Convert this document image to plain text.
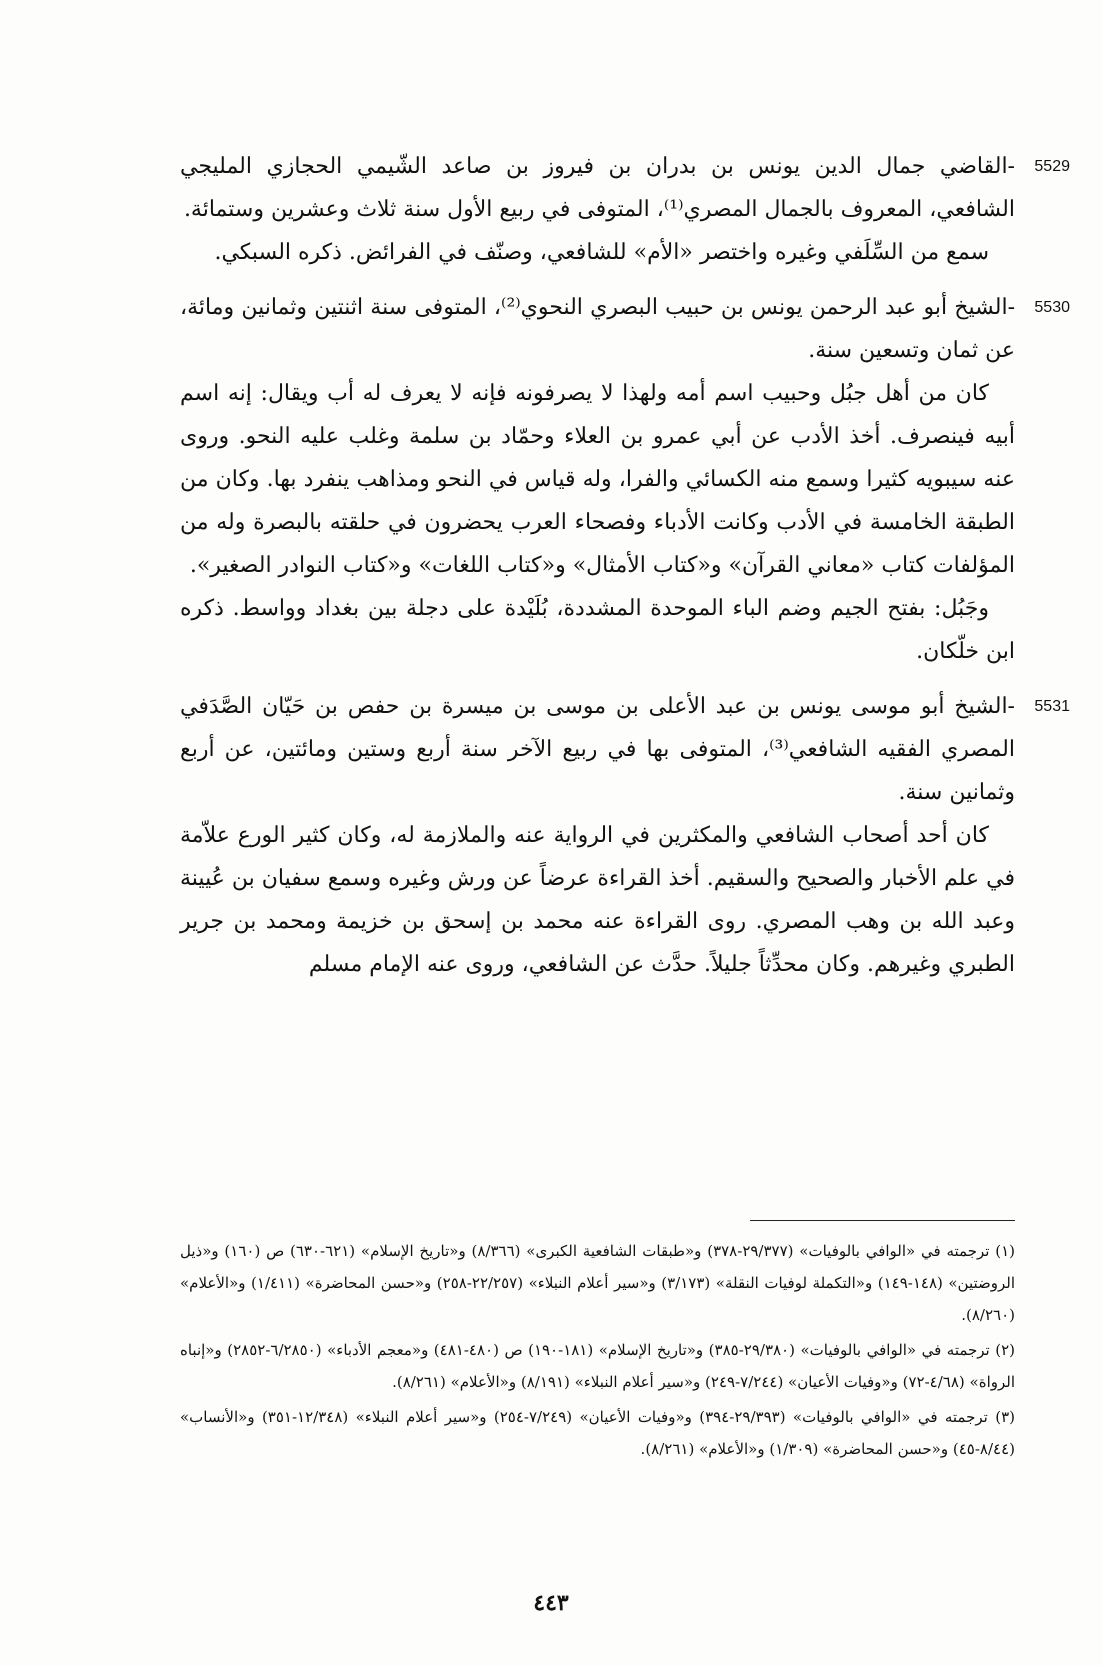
5529
-القاضي جمال الدين يونس بن بدران بن فيروز بن صاعد الشّيمي الحجازي المليجي الشافعي، المعروف بالجمال المصري⁽¹⁾، المتوفى في ربيع الأول سنة ثلاث وعشرين وستمائة.

سمع من السِّلَفي وغيره واختصر «الأم» للشافعي، وصنّف في الفرائض. ذكره السبكي.

5530
-الشيخ أبو عبد الرحمن يونس بن حبيب البصري النحوي⁽²⁾، المتوفى سنة اثنتين وثمانين ومائة، عن ثمان وتسعين سنة.

كان من أهل جبُل وحبيب اسم أمه ولهذا لا يصرفونه فإنه لا يعرف له أب ويقال: إنه اسم أبيه فينصرف. أخذ الأدب عن أبي عمرو بن العلاء وحمّاد بن سلمة وغلب عليه النحو. وروى عنه سيبويه كثيرا وسمع منه الكسائي والفرا، وله قياس في النحو ومذاهب ينفرد بها. وكان من الطبقة الخامسة في الأدب وكانت الأدباء وفصحاء العرب يحضرون في حلقته بالبصرة وله من المؤلفات كتاب «معاني القرآن» و«كتاب الأمثال» و«كتاب اللغات» و«كتاب النوادر الصغير».

وجَبُل: بفتح الجيم وضم الباء الموحدة المشددة، بُلَيْدة على دجلة بين بغداد وواسط. ذكره ابن خلّكان.

5531
-الشيخ أبو موسى يونس بن عبد الأعلى بن موسى بن ميسرة بن حفص بن حَيّان الصَّدَفي المصري الفقيه الشافعي⁽³⁾، المتوفى بها في ربيع الآخر سنة أربع وستين ومائتين، عن أربع وثمانين سنة.

كان أحد أصحاب الشافعي والمكثرين في الرواية عنه والملازمة له، وكان كثير الورع علاّمة في علم الأخبار والصحيح والسقيم. أخذ القراءة عرضاً عن ورش وغيره وسمع سفيان بن عُيينة وعبد الله بن وهب المصري. روى القراءة عنه محمد بن إسحق بن خزيمة ومحمد بن جرير الطبري وغيرهم. وكان محدِّثاً جليلاً. حدَّث عن الشافعي، وروى عنه الإمام مسلم

(١) ترجمته في «الوافي بالوفيات» (٢٩/٣٧٧-٣٧٨) و«طبقات الشافعية الكبرى» (٨/٣٦٦) و«تاريخ الإسلام» (٦٢١-٦٣٠) ص (١٦٠) و«ذيل الروضتين» (١٤٨-١٤٩) و«التكملة لوفيات النقلة» (٣/١٧٣) و«سير أعلام النبلاء» (٢٢/٢٥٧-٢٥٨) و«حسن المحاضرة» (١/٤١١) و«الأعلام» (٨/٢٦٠).

(٢) ترجمته في «الوافي بالوفيات» (٢٩/٣٨٠-٣٨٥) و«تاريخ الإسلام» (١٨١-١٩٠) ص (٤٨٠-٤٨١) و«معجم الأدباء» (٦/٢٨٥٠-٢٨٥٢) و«إنباه الرواة» (٤/٦٨-٧٢) و«وفيات الأعيان» (٧/٢٤٤-٢٤٩) و«سير أعلام النبلاء» (٨/١٩١) و«الأعلام» (٨/٢٦١).

(٣) ترجمته في «الوافي بالوفيات» (٢٩/٣٩٣-٣٩٤) و«وفيات الأعيان» (٧/٢٤٩-٢٥٤) و«سير أعلام النبلاء» (١٢/٣٤٨-٣٥١) و«الأنساب» (٨/٤٤-٤٥) و«حسن المحاضرة» (١/٣٠٩) و«الأعلام» (٨/٢٦١).

٤٤٣
